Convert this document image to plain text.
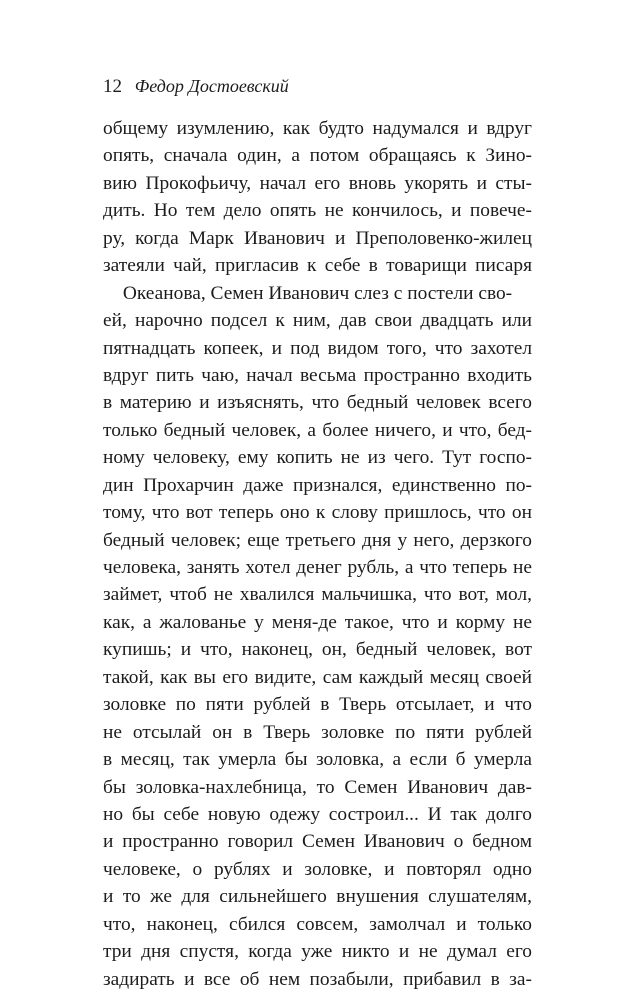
12 Федор Достоевский
общему изумлению, как будто надумался и вдруг
опять, сначала один, а потом обращаясь к Зино-
вию Прокофьичу, начал его вновь укорять и сты-
дить. Но тем дело опять не кончилось, и повече-
ру, когда Марк Иванович и Преполовенко-жилец
затеяли чай, пригласив к себе в товарищи писаря
Океанова, Семен Иванович слез с постели сво-
ей, нарочно подсел к ним, дав свои двадцать или
пятнадцать копеек, и под видом того, что захотел
вдруг пить чаю, начал весьма пространно входить
в материю и изъяснять, что бедный человек всего
только бедный человек, а более ничего, и что, бед-
ному человеку, ему копить не из чего. Тут госпо-
дин Прохарчин даже признался, единственно по-
тому, что вот теперь оно к слову пришлось, что он
бедный человек; еще третьего дня у него, дерзкого
человека, занять хотел денег рубль, а что теперь не
займет, чтоб не хвалился мальчишка, что вот, мол,
как, а жалованье у меня-де такое, что и корму не
купишь; и что, наконец, он, бедный человек, вот
такой, как вы его видите, сам каждый месяц своей
золовке по пяти рублей в Тверь отсылает, и что
не отсылай он в Тверь золовке по пяти рублей
в месяц, так умерла бы золовка, а если б умерла
бы золовка-нахлебница, то Семен Иванович дав-
но бы себе новую одежу состроил... И так долго
и пространно говорил Семен Иванович о бедном
человеке, о рублях и золовке, и повторял одно
и то же для сильнейшего внушения слушателям,
что, наконец, сбился совсем, замолчал и только
три дня спустя, когда уже никто и не думал его
задирать и все об нем позабыли, прибавил в за-
